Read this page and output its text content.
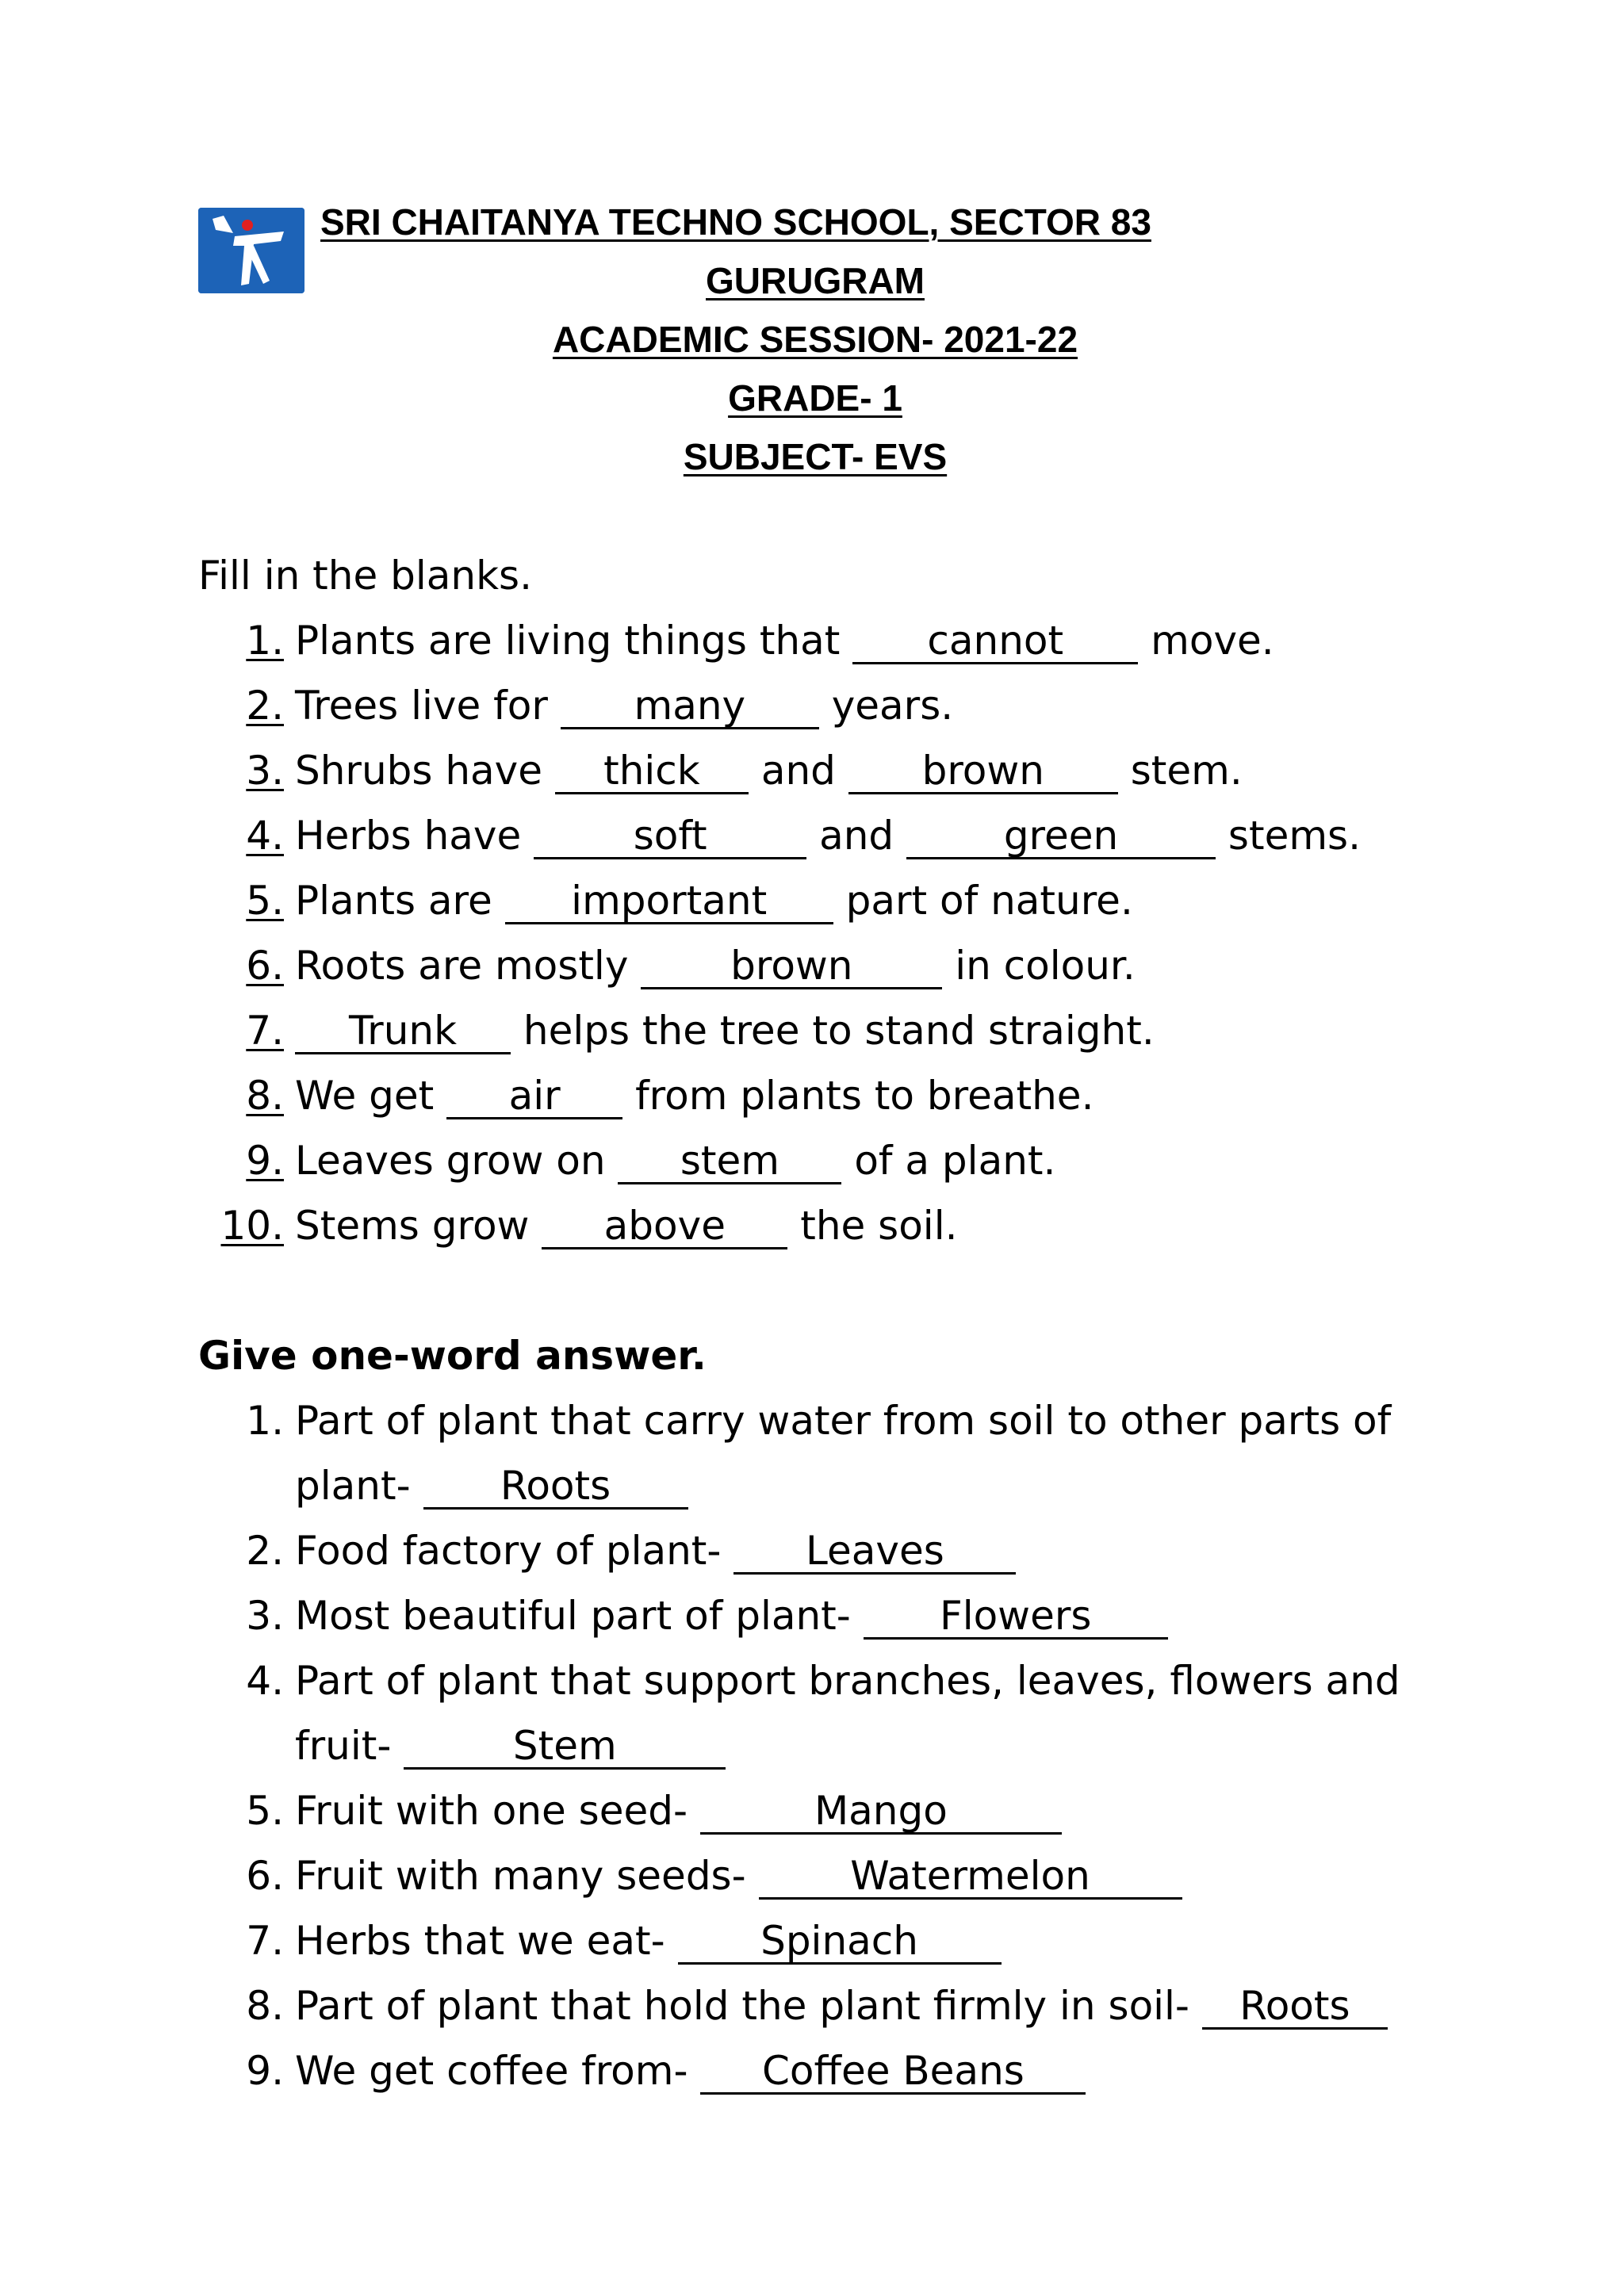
SRI CHAITANYA TECHNO SCHOOL, SECTOR 83
GURUGRAM
ACADEMIC SESSION- 2021-22
GRADE- 1
SUBJECT- EVS
Fill in the blanks.
1. Plants are living things that cannot move.
2. Trees live for many years.
3. Shrubs have thick and brown stem.
4. Herbs have	soft	and green stems.
5. Plants are important part of nature.
6. Roots are mostly brown in colour.
7. Trunk helps the tree to stand straight.
8. We get air from plants to breathe.
9. Leaves grow on stem of a plant.
10. Stems grow above the soil.
Give one-word answer.
1. Part of plant that carry water from soil to other parts of
plant- Roots
2. Food factory of plant- Leaves
3. Most beautiful part of plant- Flowers
4. Part of plant that support branches, leaves, flowers and
fruit-	Stem
5. Fruit with one seed-	Mango
6. Fruit with many seeds- Watermelon
7. Herbs that we eat- Spinach
8. Part of plant that hold the plant firmly in soil- Roots
9. We get coffee from- Coffee Beans
